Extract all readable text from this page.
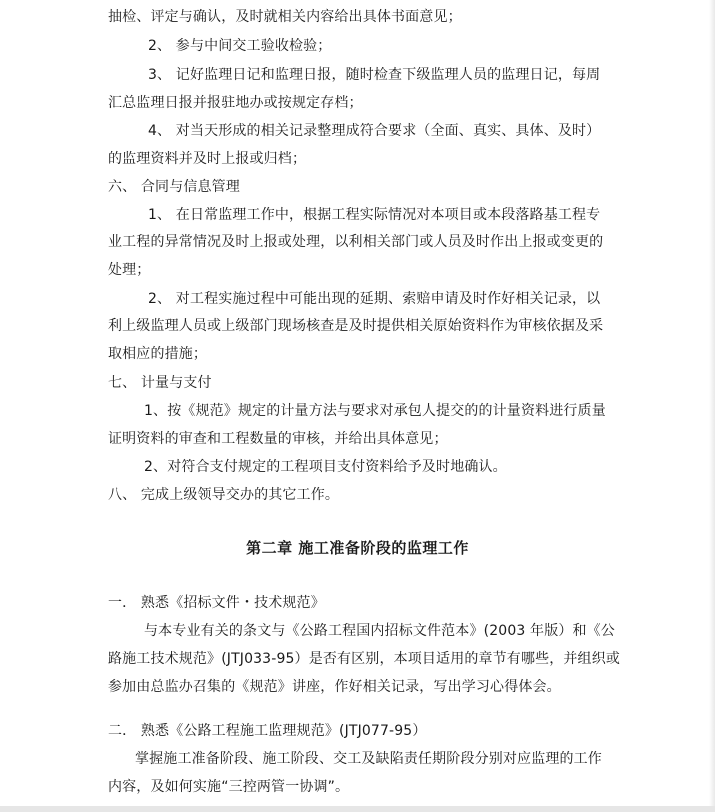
抽检、评定与确认，及时就相关内容给出具体书面意见；
2、 参与中间交工验收检验；
3、 记好监理日记和监理日报，随时检查下级监理人员的监理日记，每周
汇总监理日报并报驻地办或按规定存档；
4、 对当天形成的相关记录整理成符合要求（全面、真实、具体、及时）
的监理资料并及时上报或归档；
六、 合同与信息管理
1、 在日常监理工作中，根据工程实际情况对本项目或本段落路基工程专
业工程的异常情况及时上报或处理，以利相关部门或人员及时作出上报或变更的
处理；
2、 对工程实施过程中可能出现的延期、索赔申请及时作好相关记录，以
利上级监理人员或上级部门现场核查是及时提供相关原始资料作为审核依据及采
取相应的措施；
七、 计量与支付
1、按《规范》规定的计量方法与要求对承包人提交的的计量资料进行质量
证明资料的审查和工程数量的审核，并给出具体意见；
2、对符合支付规定的工程项目支付资料给予及时地确认。
八、 完成上级领导交办的其它工作。
第二章 施工准备阶段的监理工作
一． 熟悉《招标文件・技术规范》
与本专业有关的条文与《公路工程国内招标文件范本》(2003 年版）和《公
路施工技术规范》(JTJ033-95）是否有区别，本项目适用的章节有哪些，并组织或
参加由总监办召集的《规范》讲座，作好相关记录，写出学习心得体会。
二． 熟悉《公路工程施工监理规范》(JTJ077-95）
掌握施工准备阶段、施工阶段、交工及缺陷责任期阶段分别对应监理的工作
内容，及如何实施“三控两管一协调”。
